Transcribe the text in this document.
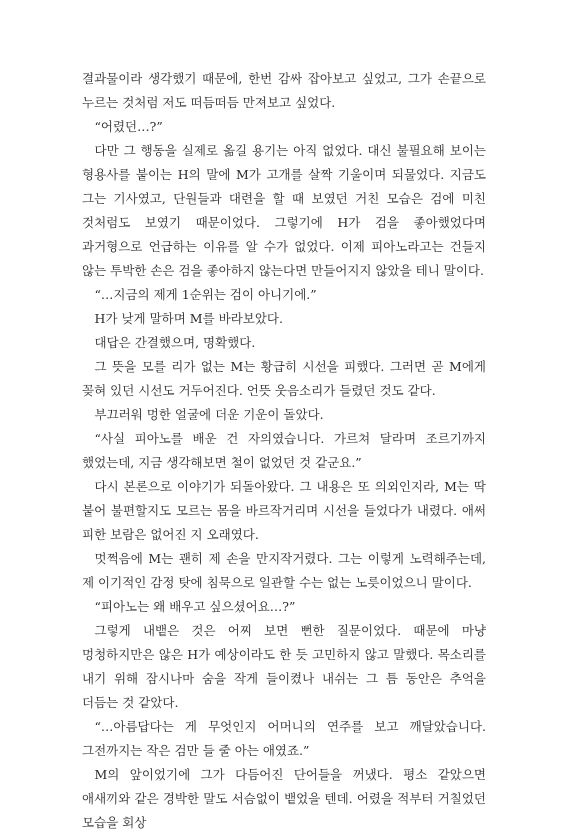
결과물이라 생각했기 때문에, 한번 감싸 잡아보고 싶었고, 그가 손끝으로 누르는 것처럼 저도 떠듬떠듬 만져보고 싶었다.

“어렸던…?”

다만 그 행동을 실제로 옮길 용기는 아직 없었다. 대신 불필요해 보이는 형용사를 붙이는 H의 말에 M가 고개를 살짝 기울이며 되물었다. 지금도 그는 기사였고, 단원들과 대련을 할 때 보였던 거친 모습은 검에 미친 것처럼도 보였기 때문이었다. 그렇기에 H가 검을 좋아했었다며 과거형으로 언급하는 이유를 알 수가 없었다. 이제 피아노라고는 건들지 않는 투박한 손은 검을 좋아하지 않는다면 만들어지지 않았을 테니 말이다.

“…지금의 제게 1순위는 검이 아니기에.”

H가 낮게 말하며 M를 바라보았다.

대답은 간결했으며, 명확했다.

그 뜻을 모를 리가 없는 M는 황급히 시선을 피했다. 그러면 곧 M에게 꽂혀 있던 시선도 거두어진다. 언뜻 웃음소리가 들렸던 것도 같다.

부끄러워 멍한 얼굴에 더운 기운이 돌았다.

“사실 피아노를 배운 건 자의였습니다. 가르쳐 달라며 조르기까지 했었는데, 지금 생각해보면 철이 없었던 것 같군요.”

다시 본론으로 이야기가 되돌아왔다. 그 내용은 또 의외인지라, M는 딱 붙어 불편할지도 모르는 몸을 바르작거리며 시선을 들었다가 내렸다. 애써 피한 보람은 없어진 지 오래였다.

멋쩍음에 M는 괜히 제 손을 만지작거렸다. 그는 이렇게 노력해주는데, 제 이기적인 감정 탓에 침묵으로 일관할 수는 없는 노릇이었으니 말이다.

“피아노는 왜 배우고 싶으셨어요…?”

그렇게 내뱉은 것은 어찌 보면 뻔한 질문이었다. 때문에 마냥 멍청하지만은 않은 H가 예상이라도 한 듯 고민하지 않고 말했다. 목소리를 내기 위해 잠시나마 숨을 작게 들이켰나 내쉬는 그 틈 동안은 추억을 더듬는 것 같았다.

“…아름답다는 게 무엇인지 어머니의 연주를 보고 깨달았습니다. 그전까지는 작은 검만 들 줄 아는 애였죠.”

M의 앞이었기에 그가 다듬어진 단어들을 꺼냈다. 평소 같았으면 애새끼와 같은 경박한 말도 서슴없이 뱉었을 텐데. 어렸을 적부터 거칠었던 모습을 회상
